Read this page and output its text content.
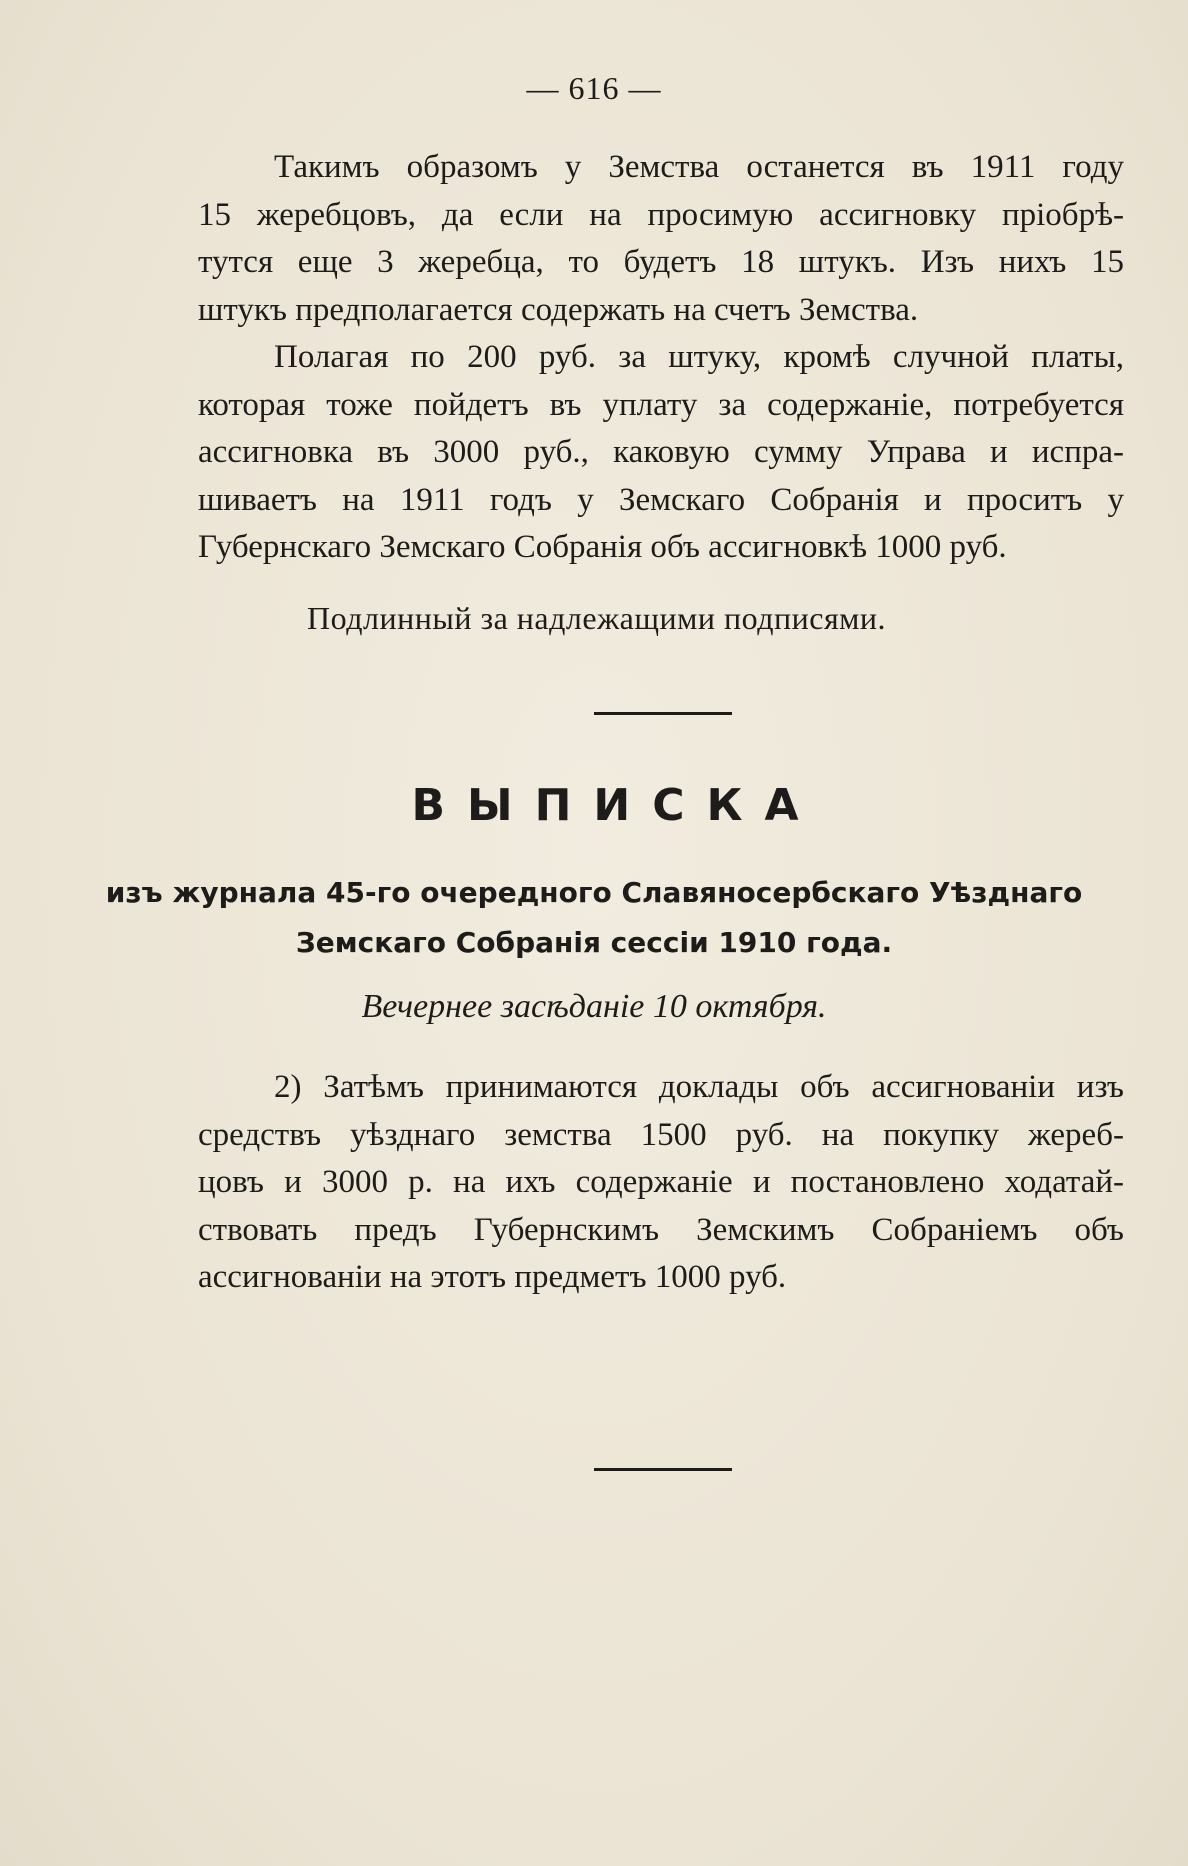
— 616 —

Такимъ образомъ у Земства останется въ 1911 году
15 жеребцовъ, да если на просимую ассигновку пріобрѣ-
тутся еще 3 жеребца, то будетъ 18 штукъ. Изъ нихъ 15
штукъ предполагается содержать на счетъ Земства.

Полагая по 200 руб. за штуку, кромѣ случной платы,
которая тоже пойдетъ въ уплату за содержаніе, потребуется
ассигновка въ 3000 руб., каковую сумму Управа и испра-
шиваетъ на 1911 годъ у Земскаго Собранія и проситъ у
Губернскаго Земскаго Собранія объ ассигновкѣ 1000 руб.

Подлинный за надлежащими подписями.
ВЫПИСКА
изъ журнала 45-го очередного Славяносербскаго Уѣзднаго
Земскаго Собранія сессіи 1910 года.
Вечернее засѣданіе 10 октября.

2) Затѣмъ принимаются доклады объ ассигнованіи изъ
средствъ уѣзднаго земства 1500 руб. на покупку жереб-
цовъ и 3000 р. на ихъ содержаніе и постановлено ходатай-
ствовать предъ Губернскимъ Земскимъ Собраніемъ объ
ассигнованіи на этотъ предметъ 1000 руб.
